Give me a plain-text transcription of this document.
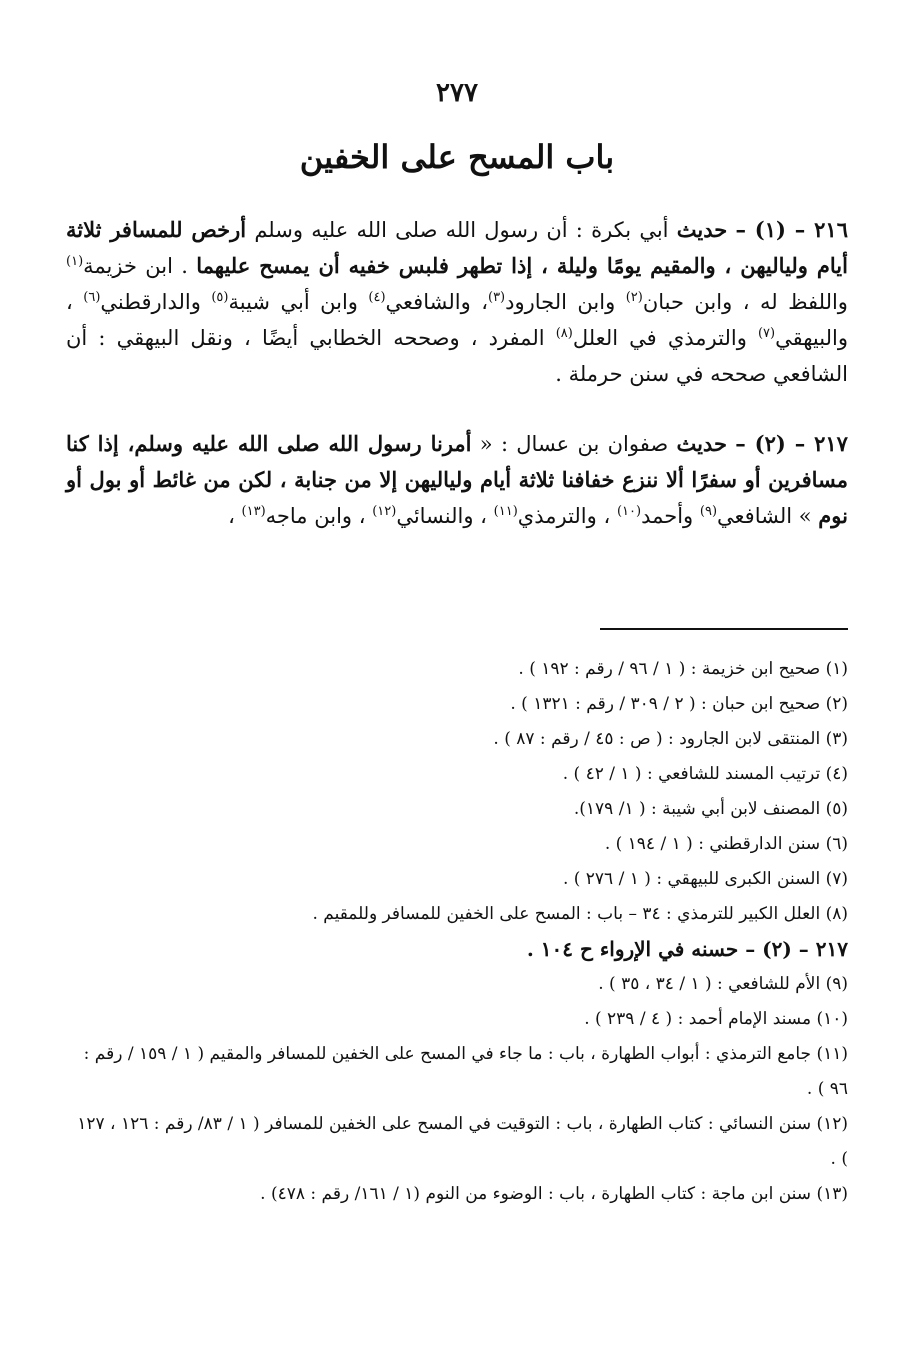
٢٧٧
باب المسح على الخفين
٢١٦ – (١) – حديث أبي بكرة : أن رسول الله صلى الله عليه وسلم أرخص للمسافر ثلاثة أيام ولياليهن ، والمقيم يومًا وليلة ، إذا تطهر فلبس خفيه أن يمسح عليهما . ابن خزيمة$^{(١)}$ واللفظ له ، وابن حبان$^{(٢)}$ وابن الجارود$^{(٣)}$، والشافعي$^{(٤)}$ وابن أبي شيبة$^{(٥)}$ والدارقطني$^{(٦)}$ ، والبيهقي$^{(٧)}$ والترمذي في العلل$^{(٨)}$ المفرد ، وصححه الخطابي أيضًا ، ونقل البيهقي : أن الشافعي صححه في سنن حرملة .
٢١٧ – (٢) – حديث صفوان بن عسال : « أمرنا رسول الله صلى الله عليه وسلم، إذا كنا مسافرين أو سفرًا ألا ننزع خفافنا ثلاثة أيام ولياليهن إلا من جنابة ، لكن من غائط أو بول أو نوم » الشافعي$^{(٩)}$ وأحمد$^{(١٠)}$ ، والترمذي$^{(١١)}$ ، والنسائي$^{(١٢)}$ ، وابن ماجه$^{(١٣)}$ ،
(١) صحيح ابن خزيمة : ( ١ / ٩٦ / رقم : ١٩٢ ) .
(٢) صحيح ابن حبان : ( ٢ / ٣٠٩ / رقم : ١٣٢١ ) .
(٣) المنتقى لابن الجارود : ( ص : ٤٥ / رقم : ٨٧ ) .
(٤) ترتيب المسند للشافعي : ( ١ / ٤٢ ) .
(٥) المصنف لابن أبي شيبة : ( ١/ ١٧٩).
(٦) سنن الدارقطني : ( ١ / ١٩٤ ) .
(٧) السنن الكبرى للبيهقي : ( ١ / ٢٧٦ ) .
(٨) العلل الكبير للترمذي : ٣٤ – باب : المسح على الخفين للمسافر وللمقيم .
٢١٧ – (٢) – حسنه في الإرواء ح ١٠٤ .
(٩) الأم للشافعي : ( ١ / ٣٤ ، ٣٥ ) .
(١٠) مسند الإمام أحمد : ( ٤ / ٢٣٩ ) .
(١١) جامع الترمذي : أبواب الطهارة ، باب : ما جاء في المسح على الخفين للمسافر والمقيم ( ١ / ١٥٩ / رقم : ٩٦ ) .
(١٢) سنن النسائي : كتاب الطهارة ، باب : التوقيت في المسح على الخفين للمسافر ( ١ / ٨٣/ رقم : ١٢٦ ، ١٢٧ ) .
(١٣) سنن ابن ماجة : كتاب الطهارة ، باب : الوضوء من النوم (١ / ١٦١/ رقم : ٤٧٨) .
